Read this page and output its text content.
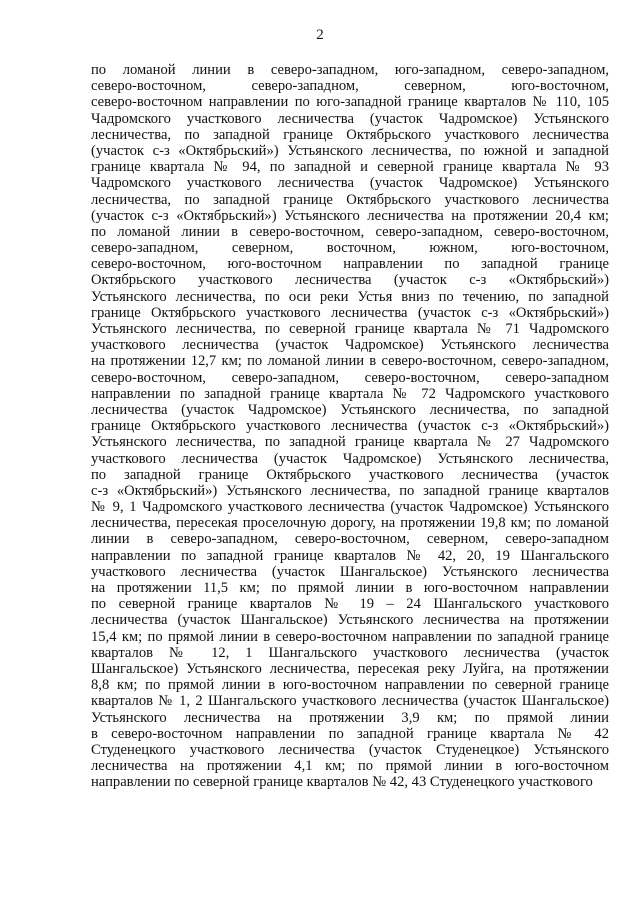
2
по ломаной линии в северо-западном, юго-западном, северо-западном,
северо-восточном, северо-западном, северном, юго-восточном,
северо-восточном направлении по юго-западной границе кварталов № 110, 105
Чадромского участкового лесничества (участок Чадромское) Устьянского
лесничества, по западной границе Октябрьского участкового лесничества
(участок с-з «Октябрьский») Устьянского лесничества, по южной и западной
границе квартала № 94, по западной и северной границе квартала № 93
Чадромского участкового лесничества (участок Чадромское) Устьянского
лесничества, по западной границе Октябрьского участкового лесничества
(участок с-з «Октябрьский») Устьянского лесничества на протяжении 20,4 км;
по ломаной линии в северо-восточном, северо-западном, северо-восточном,
северо-западном, северном, восточном, южном, юго-восточном,
северо-восточном, юго-восточном направлении по западной границе
Октябрьского участкового лесничества (участок с-з «Октябрьский»)
Устьянского лесничества, по оси реки Устья вниз по течению, по западной
границе Октябрьского участкового лесничества (участок с-з «Октябрьский»)
Устьянского лесничества, по северной границе квартала № 71 Чадромского
участкового лесничества (участок Чадромское) Устьянского лесничества
на протяжении 12,7 км; по ломаной линии в северо-восточном, северо-западном,
северо-восточном, северо-западном, северо-восточном, северо-западном
направлении по западной границе квартала № 72 Чадромского участкового
лесничества (участок Чадромское) Устьянского лесничества, по западной
границе Октябрьского участкового лесничества (участок с-з «Октябрьский»)
Устьянского лесничества, по западной границе квартала № 27 Чадромского
участкового лесничества (участок Чадромское) Устьянского лесничества,
по западной границе Октябрьского участкового лесничества (участок
с-з «Октябрьский») Устьянского лесничества, по западной границе кварталов
№ 9, 1 Чадромского участкового лесничества (участок Чадромское) Устьянского
лесничества, пересекая проселочную дорогу, на протяжении 19,8 км; по ломаной
линии в северо-западном, северо-восточном, северном, северо-западном
направлении по западной границе кварталов № 42, 20, 19 Шангальского
участкового лесничества (участок Шангальское) Устьянского лесничества
на протяжении 11,5 км; по прямой линии в юго-восточном направлении
по северной границе кварталов № 19 – 24 Шангальского участкового
лесничества (участок Шангальское) Устьянского лесничества на протяжении
15,4 км; по прямой линии в северо-восточном направлении по западной границе
кварталов № 12, 1 Шангальского участкового лесничества (участок
Шангальское) Устьянского лесничества, пересекая реку Луйга, на протяжении
8,8 км; по прямой линии в юго-восточном направлении по северной границе
кварталов № 1, 2 Шангальского участкового лесничества (участок Шангальское)
Устьянского лесничества на протяжении 3,9 км; по прямой линии
в северо-восточном направлении по западной границе квартала № 42
Студенецкого участкового лесничества (участок Студенецкое) Устьянского
лесничества на протяжении 4,1 км; по прямой линии в юго-восточном
направлении по северной границе кварталов № 42, 43 Студенецкого участкового
